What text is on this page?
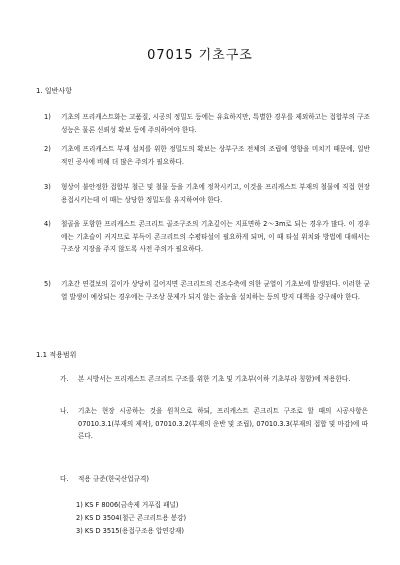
07015 기초구조
1. 일반사항
1) 기초의 프리캐스트화는 고품질, 시공의 정밀도 등에는 유효하지만, 특별한 경우를 제외하고는 접합부의 구조성능은 물론 신뢰성 확보 등에 주의하여야 한다.
2) 기초에 프리캐스트 부재 설치를 위한 정밀도의 확보는 상부구조 전체의 조립에 영향을 미치기 때문에, 일반적인 공사에 비해 더 많은 주의가 필요하다.
3) 형상이 불안정한 접합부 철근 및 철물 등을 기초에 정착시키고, 이것을 프리캐스트 부재의 철물에 직접 현장용접시키는데 이 때는 상당한 정밀도를 유지하여야 한다.
4) 철골을 포함한 프리캐스트 콘크리트 골조구조의 기초깊이는 지표면하 2～3m로 되는 경우가 많다. 이 경우에는 기초슬이 커지므로 부득이 콘크리트의 수평타설이 필요하게 되며, 이 때 타설 위치와 방법에 대해서는 구조상 지장을 주지 않도록 사전 주의가 필요하다.
5) 기초간 연결보의 길이가 상당히 길어지면 콘크리트의 건조수축에 의한 균열이 기초보에 발생된다. 이러한 균열 발생이 예상되는 경우에는 구조상 문제가 되지 않는 줄눈을 설치하는 등의 방지 대책을 강구해야 한다.
1.1 적용범위
가. 본 시방서는 프리캐스트 콘크리트 구조를 위한 기초 및 기초부(이하 기초부라 칭함)에 적용한다.
나. 기초는 현장 시공하는 것을 원칙으로 하되, 프리캐스트 콘크리트 구조로 할 때의 시공사항은 07010.3.1(부재의 제작), 07010.3.2(부재의 운반 및 조립), 07010.3.3(부재의 접합 및 마감)에 따른다.
다. 적용 규준(한국산업규격)
1) KS F 8006(금속제 거푸집 패널)
2) KS D 3504(철근 콘크리트용 봉강)
3) KS D 3515(용접구조용 압연강재)
